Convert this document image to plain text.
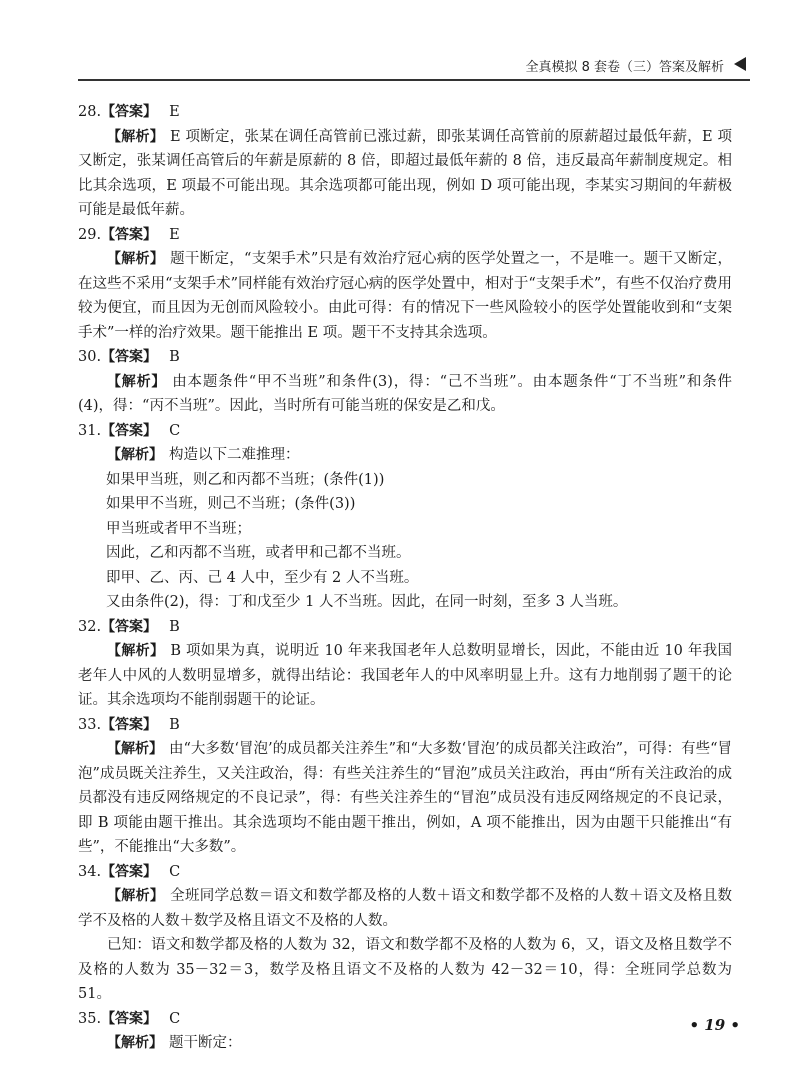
全真模拟 8 套卷（三）答案及解析

28.【答案】 E

【解析】 E 项断定，张某在调任高管前已涨过薪，即张某调任高管前的原薪超过最低年薪，E 项又断定，张某调任高管后的年薪是原薪的 8 倍，即超过最低年薪的 8 倍，违反最高年薪制度规定。相比其余选项，E 项最不可能出现。其余选项都可能出现，例如 D 项可能出现，李某实习期间的年薪极可能是最低年薪。

29.【答案】 E

【解析】 题干断定，“支架手术”只是有效治疗冠心病的医学处置之一，不是唯一。题干又断定，在这些不采用“支架手术”同样能有效治疗冠心病的医学处置中，相对于“支架手术”，有些不仅治疗费用较为便宜，而且因为无创而风险较小。由此可得：有的情况下一些风险较小的医学处置能收到和“支架手术”一样的治疗效果。题干能推出 E 项。题干不支持其余选项。

30.【答案】 B

【解析】 由本题条件“甲不当班”和条件(3)，得：“己不当班”。由本题条件“丁不当班”和条件(4)，得：“丙不当班”。因此，当时所有可能当班的保安是乙和戊。

31.【答案】 C

【解析】 构造以下二难推理：

如果甲当班，则乙和丙都不当班；(条件(1))

如果甲不当班，则己不当班；(条件(3))

甲当班或者甲不当班；

因此，乙和丙都不当班，或者甲和己都不当班。

即甲、乙、丙、己 4 人中，至少有 2 人不当班。

又由条件(2)，得：丁和戊至少 1 人不当班。因此，在同一时刻，至多 3 人当班。

32.【答案】 B

【解析】 B 项如果为真，说明近 10 年来我国老年人总数明显增长，因此，不能由近 10 年我国老年人中风的人数明显增多，就得出结论：我国老年人的中风率明显上升。这有力地削弱了题干的论证。其余选项均不能削弱题干的论证。

33.【答案】 B

【解析】 由“大多数‘冒泡’的成员都关注养生”和“大多数‘冒泡’的成员都关注政治”，可得：有些“冒泡”成员既关注养生，又关注政治，得：有些关注养生的“冒泡”成员关注政治，再由“所有关注政治的成员都没有违反网络规定的不良记录”，得：有些关注养生的“冒泡”成员没有违反网络规定的不良记录，即 B 项能由题干推出。其余选项均不能由题干推出，例如，A 项不能推出，因为由题干只能推出“有些”，不能推出“大多数”。

34.【答案】 C

【解析】 全班同学总数＝语文和数学都及格的人数＋语文和数学都不及格的人数＋语文及格且数学不及格的人数＋数学及格且语文不及格的人数。

已知：语文和数学都及格的人数为 32，语文和数学都不及格的人数为 6，又，语文及格且数学不及格的人数为 35－32＝3，数学及格且语文不及格的人数为 42－32＝10，得：全班同学总数为 51。

35.【答案】 C

【解析】 题干断定：

• 19 •
